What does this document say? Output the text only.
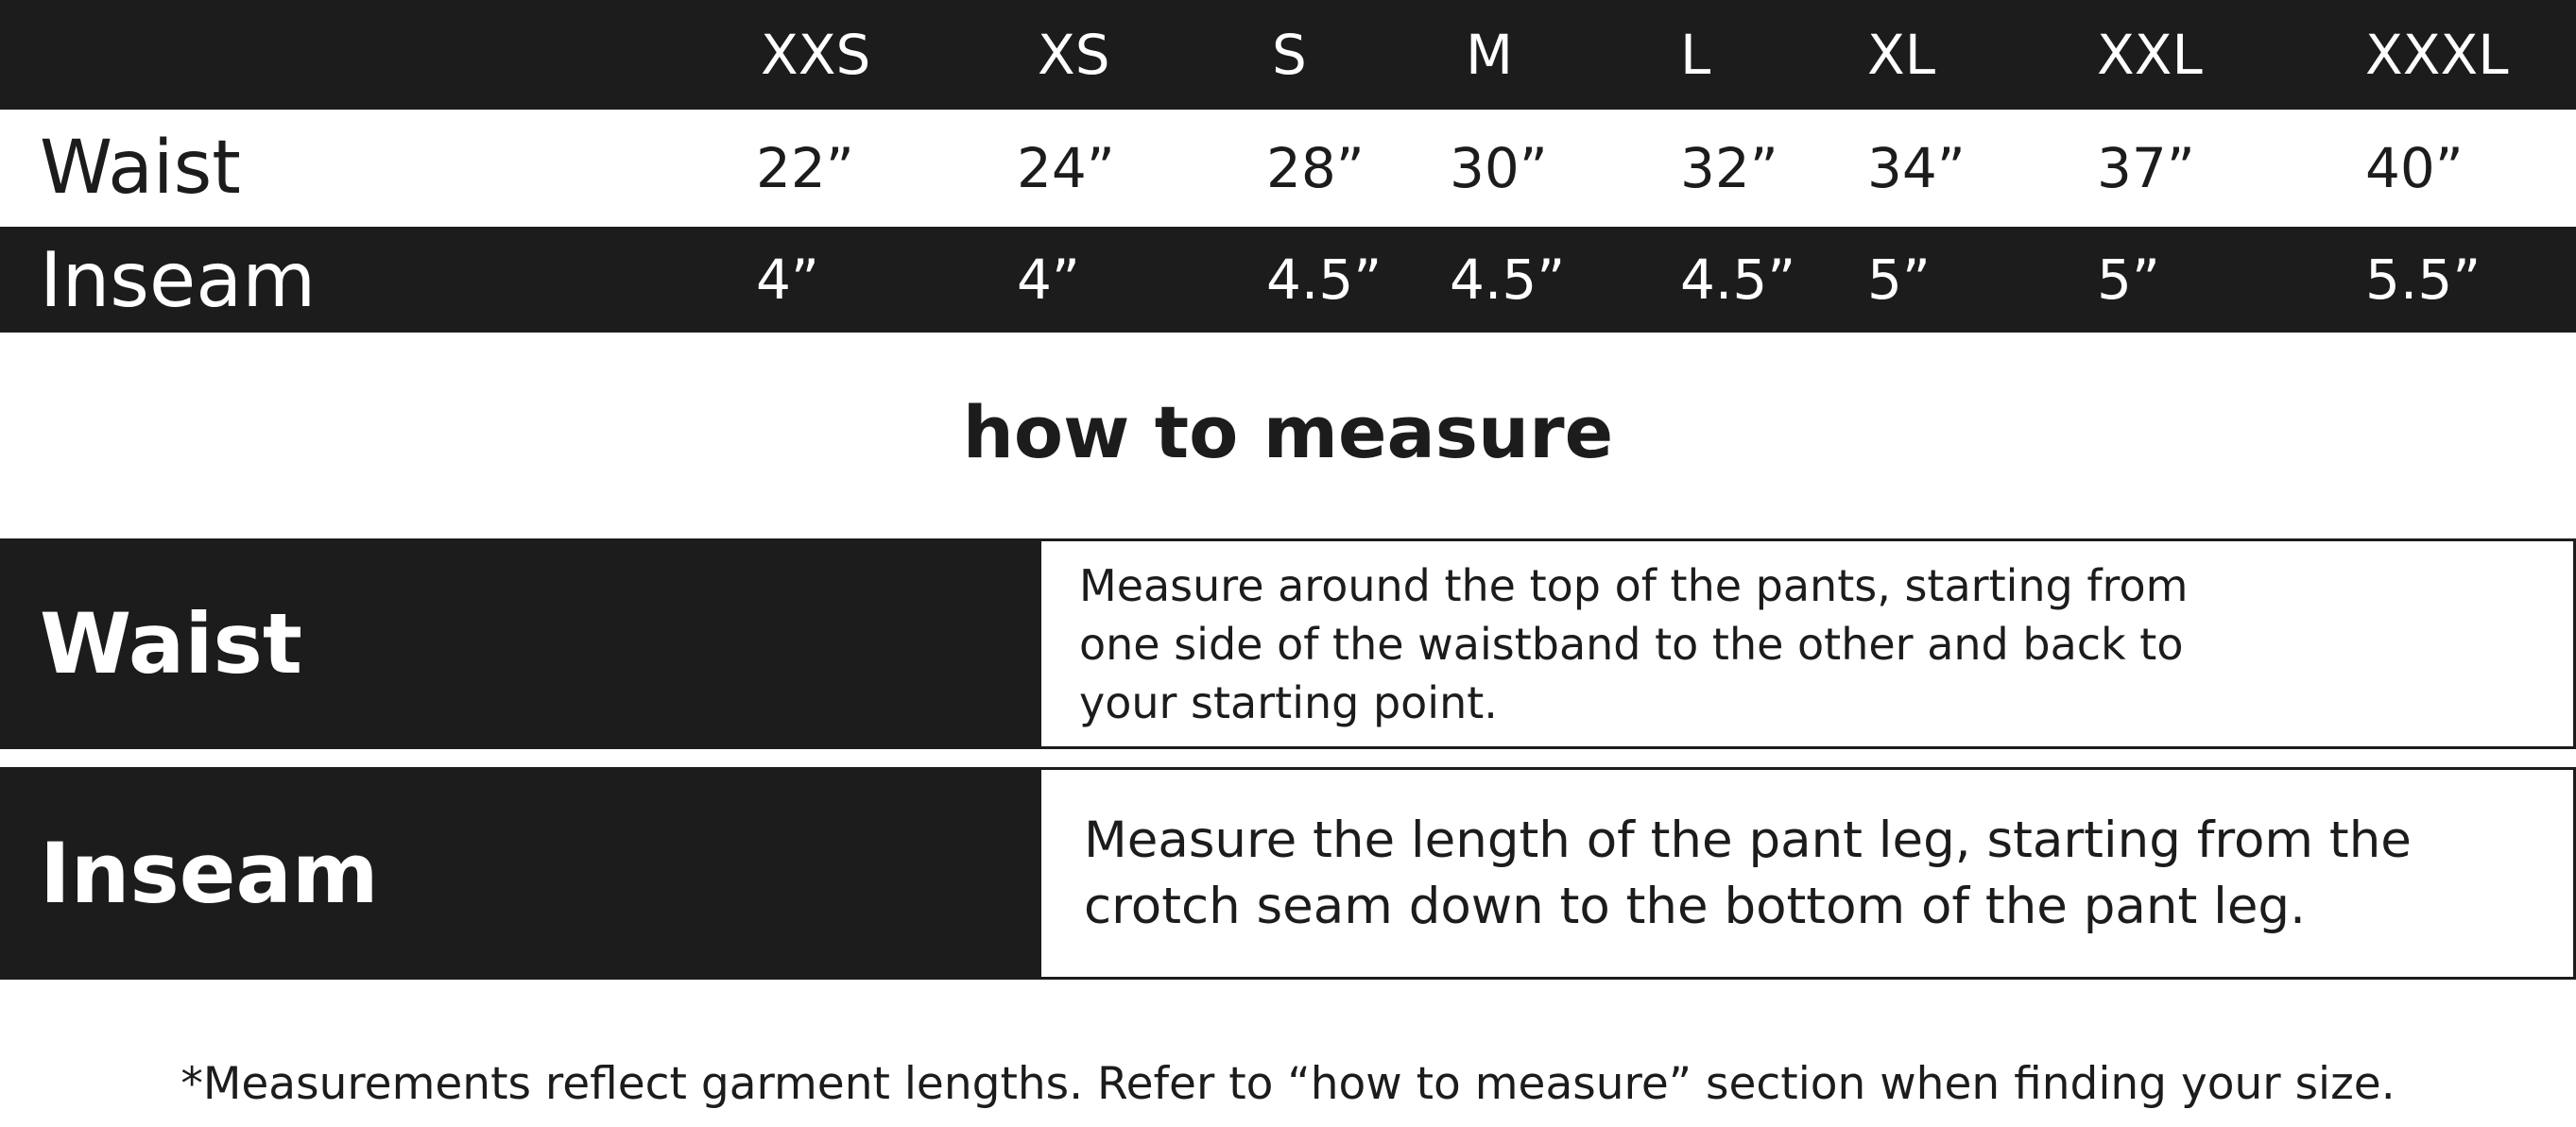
XXS	XS	S	M	L	XL	XXL	XXXL
Waist	22”	24”	28” 30” 32” 34” 37”	40”
Inseam	4”	4”	4.5” 4.5” 4.5” 5”	5”	5.5”
how to measure
Waist
Measure around the top of the pants, starting from
one side of the waistband to the other and back to
your starting point.
Inseam	Measure the length of the pant leg, starting from the
crotch seam down to the bottom of the pant leg.
*Measurements reflect garment lengths. Refer to “how to measure” section when finding your size.
